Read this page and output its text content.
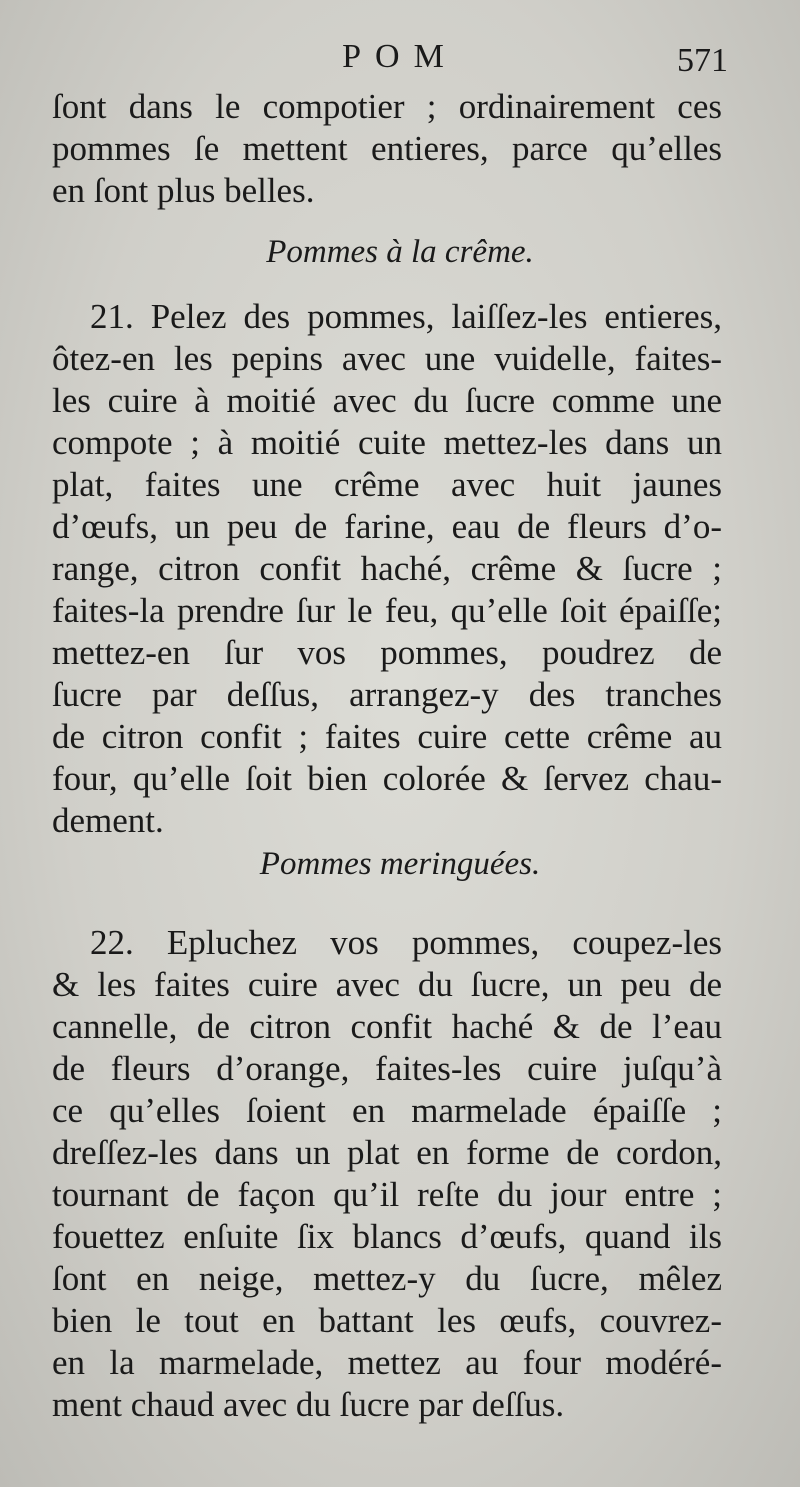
POM	571
ſont dans le compotier ; ordinairement ces
pommes ſe mettent entieres, parce qu’elles
en ſont plus belles.
Pommes à la crême.
21. Pelez des pommes, laiſſez-les entieres,
ôtez-en les pepins avec une vuidelle, faites-
les cuire à moitié avec du ſucre comme une
compote ; à moitié cuite mettez-les dans un
plat, faites une crême avec huit jaunes
d’œufs, un peu de farine, eau de fleurs d’o-
range, citron confit haché, crême & ſucre ;
faites-la prendre ſur le feu, qu’elle ſoit épaiſſe;
mettez-en ſur vos pommes, poudrez de
ſucre par deſſus, arrangez-y des tranches
de citron confit ; faites cuire cette crême au
four, qu’elle ſoit bien colorée & ſervez chau-
dement.
Pommes meringuées.
22. Epluchez vos pommes, coupez-les
& les faites cuire avec du ſucre, un peu de
cannelle, de citron confit haché & de l’eau
de fleurs d’orange, faites-les cuire juſqu’à
ce qu’elles ſoient en marmelade épaiſſe ;
dreſſez-les dans un plat en forme de cordon,
tournant de façon qu’il reſte du jour entre ;
fouettez enſuite ſix blancs d’œufs, quand ils
ſont en neige, mettez-y du ſucre, mêlez
bien le tout en battant les œufs, couvrez-
en la marmelade, mettez au four modéré-
ment chaud avec du ſucre par deſſus.
